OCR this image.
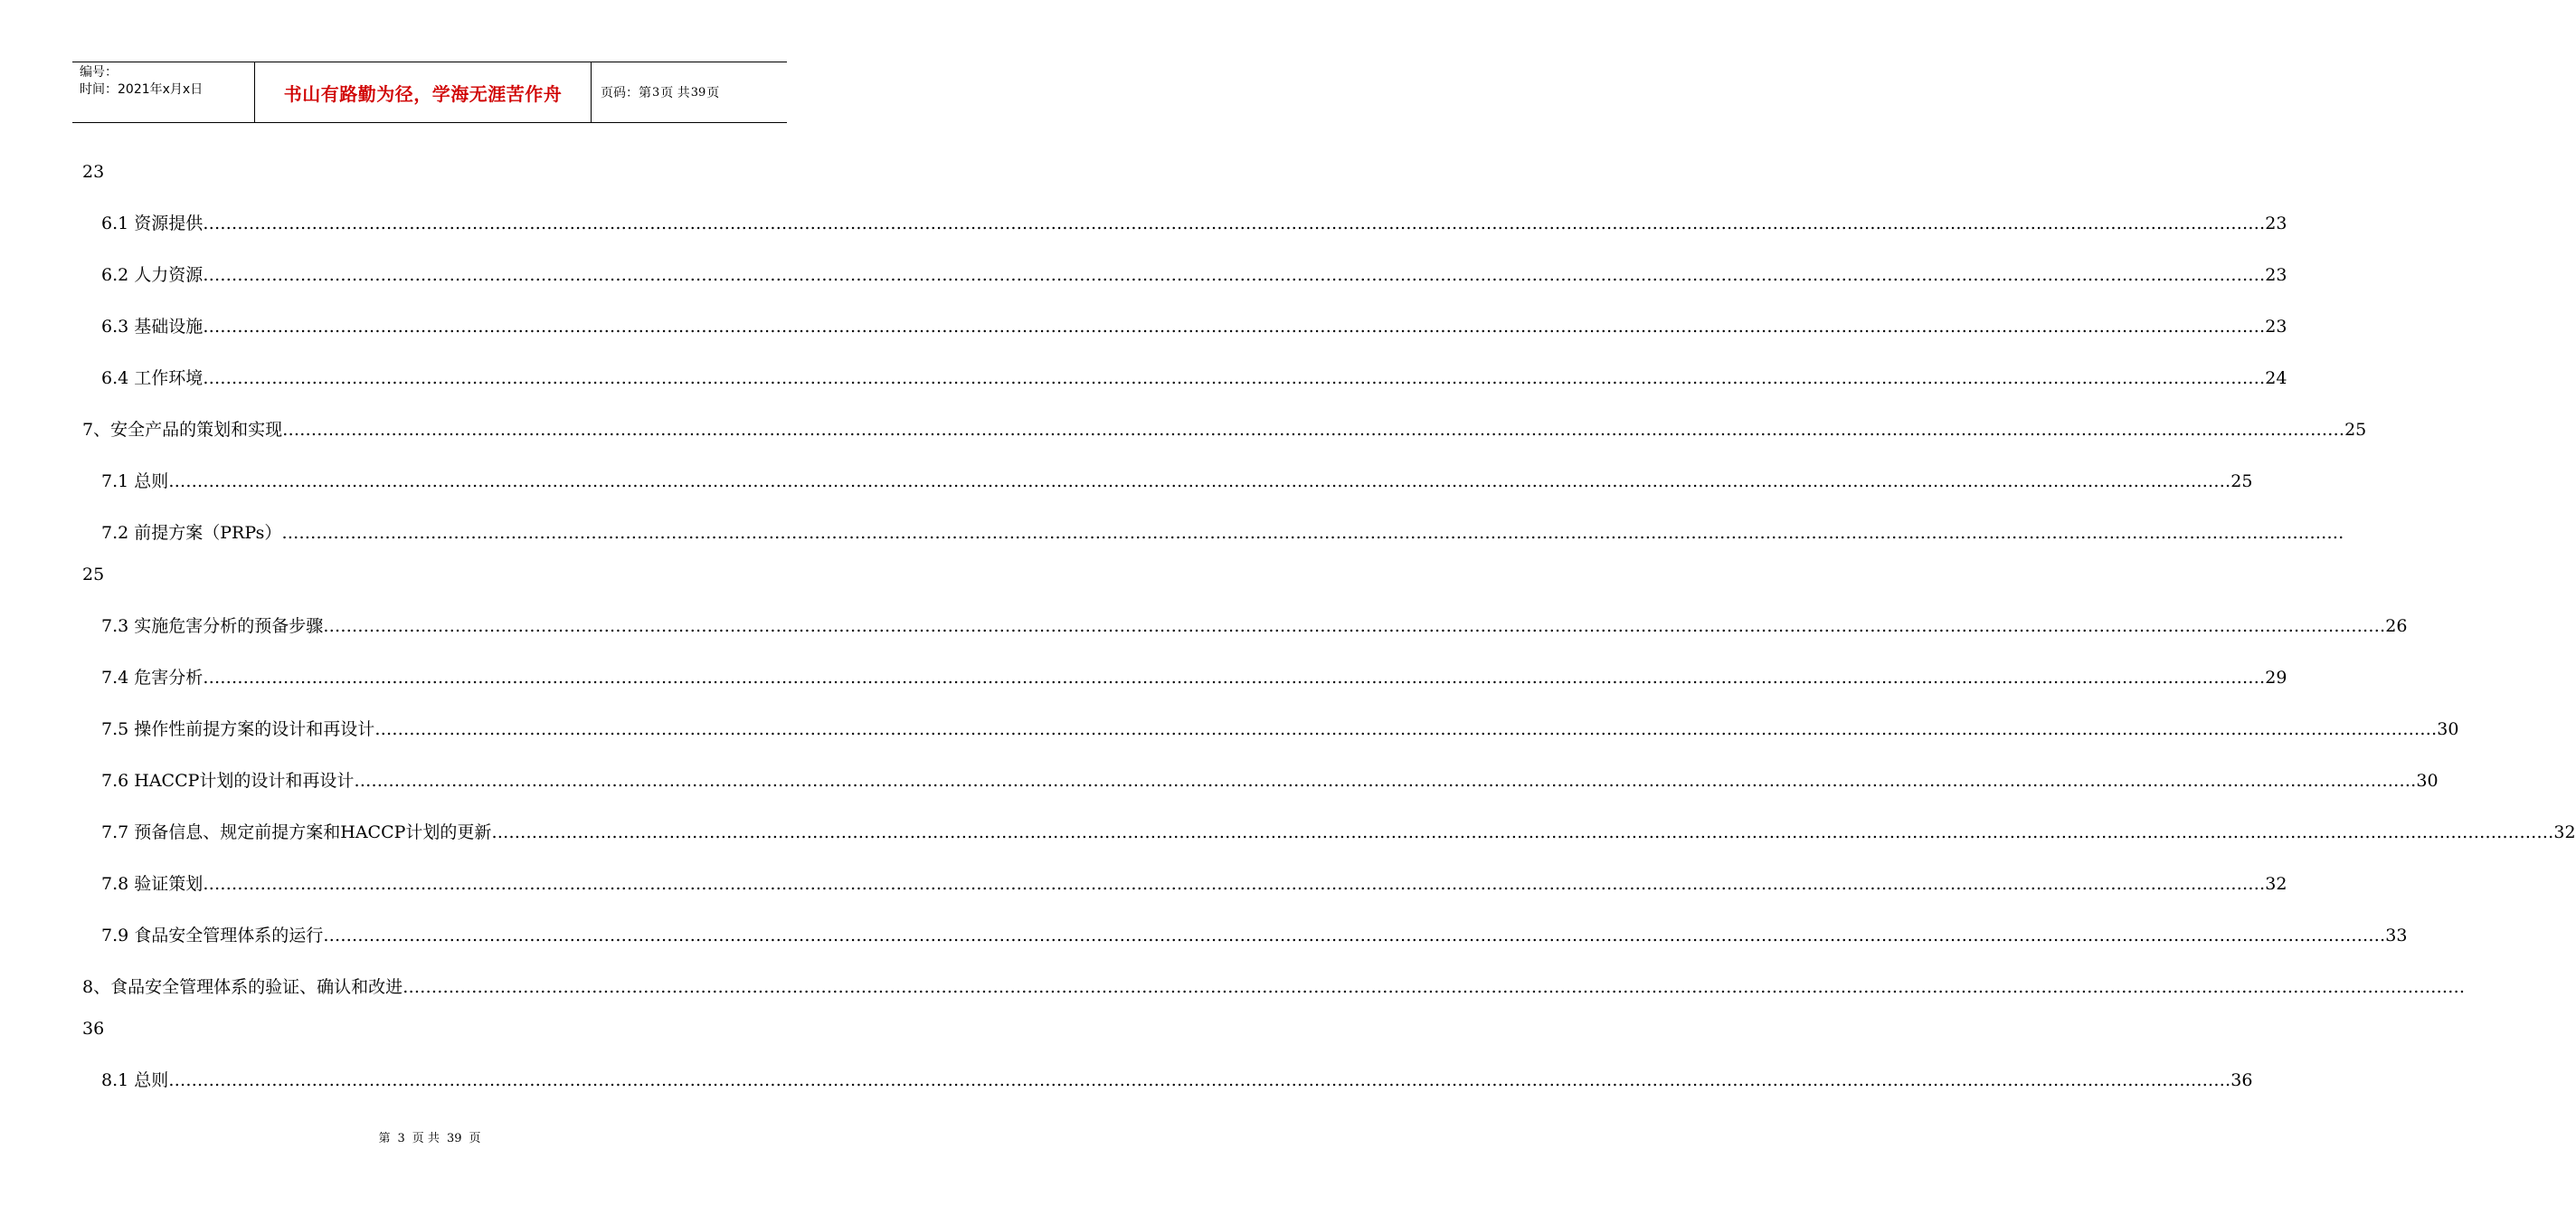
编号：
时间：2021年x月x日	书山有路勤为径，学海无涯苦作舟	页码：第 3 页 共 39 页
23
6.1 资源提供 ……………………………………………………………………………………………………………………………………………………………………………………………………………………………………………………………………………………………………………………………… 23
6.2 人力资源 ……………………………………………………………………………………………………………………………………………………………………………………………………………………………………………………………………………………………………………………………… 23
6.3 基础设施 ……………………………………………………………………………………………………………………………………………………………………………………………………………………………………………………………………………………………………………………………… 23
6.4 工作环境 ……………………………………………………………………………………………………………………………………………………………………………………………………………………………………………………………………………………………………………………………… 24
7、安全产品的策划和实现 ……………………………………………………………………………………………………………………………………………………………………………………………………………………………………………………………………………………………………………………………… 25
7.1 总则 ……………………………………………………………………………………………………………………………………………………………………………………………………………………………………………………………………………………………………………………………… 25
7.2 前提方案（PRPs） ………………………………………………………………………………………………………………………………………………………………………………………………………………………………………………………………………………………………………………………………
25
7.3 实施危害分析的预备步骤 ……………………………………………………………………………………………………………………………………………………………………………………………………………………………………………………………………………………………………………………………… 26
7.4 危害分析 ……………………………………………………………………………………………………………………………………………………………………………………………………………………………………………………………………………………………………………………………… 29
7.5 操作性前提方案的设计和再设计 ……………………………………………………………………………………………………………………………………………………………………………………………………………………………………………………………………………………………………………………………… 30
7.6 HACCP计划的设计和再设计 ……………………………………………………………………………………………………………………………………………………………………………………………………………………………………………………………………………………………………………………………… 30
7.7 预备信息、规定前提方案和HACCP计划的更新 ……………………………………………………………………………………………………………………………………………………………………………………………………………………………………………………………………………………………………………………………… 32
7.8 验证策划 ……………………………………………………………………………………………………………………………………………………………………………………………………………………………………………………………………………………………………………………………… 32
7.9 食品安全管理体系的运行 ……………………………………………………………………………………………………………………………………………………………………………………………………………………………………………………………………………………………………………………………… 33
8、食品安全管理体系的验证、确认和改进 ………………………………………………………………………………………………………………………………………………………………………………………………………………………………………………………………………………………………………………………………
36
8.1 总则 ……………………………………………………………………………………………………………………………………………………………………………………………………………………………………………………………………………………………………………………………… 36
第 3 页 共 39 页
